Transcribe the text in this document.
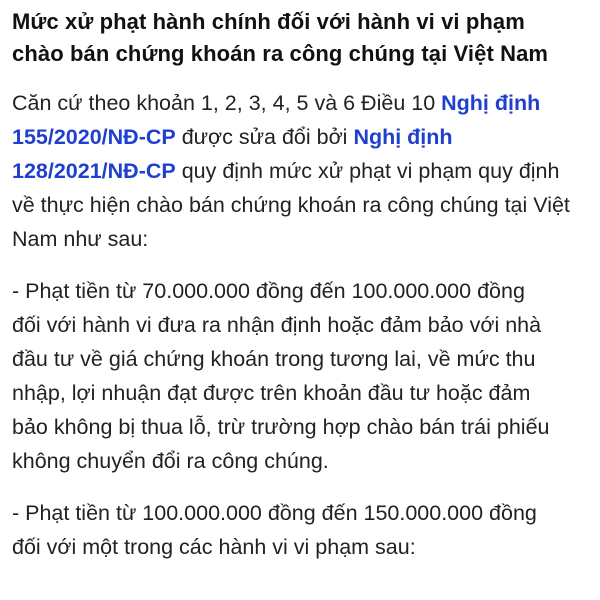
Mức xử phạt hành chính đối với hành vi vi phạm
chào bán chứng khoán ra công chúng tại Việt Nam

Căn cứ theo khoản 1, 2, 3, 4, 5 và 6 Điều 10 Nghị định
155/2020/NĐ-CP được sửa đổi bởi Nghị định
128/2021/NĐ-CP quy định mức xử phạt vi phạm quy định
về thực hiện chào bán chứng khoán ra công chúng tại Việt
Nam như sau:

- Phạt tiền từ 70.000.000 đồng đến 100.000.000 đồng
đối với hành vi đưa ra nhận định hoặc đảm bảo với nhà
đầu tư về giá chứng khoán trong tương lai, về mức thu
nhập, lợi nhuận đạt được trên khoản đầu tư hoặc đảm
bảo không bị thua lỗ, trừ trường hợp chào bán trái phiếu
không chuyển đổi ra công chúng.

- Phạt tiền từ 100.000.000 đồng đến 150.000.000 đồng
đối với một trong các hành vi vi phạm sau:
